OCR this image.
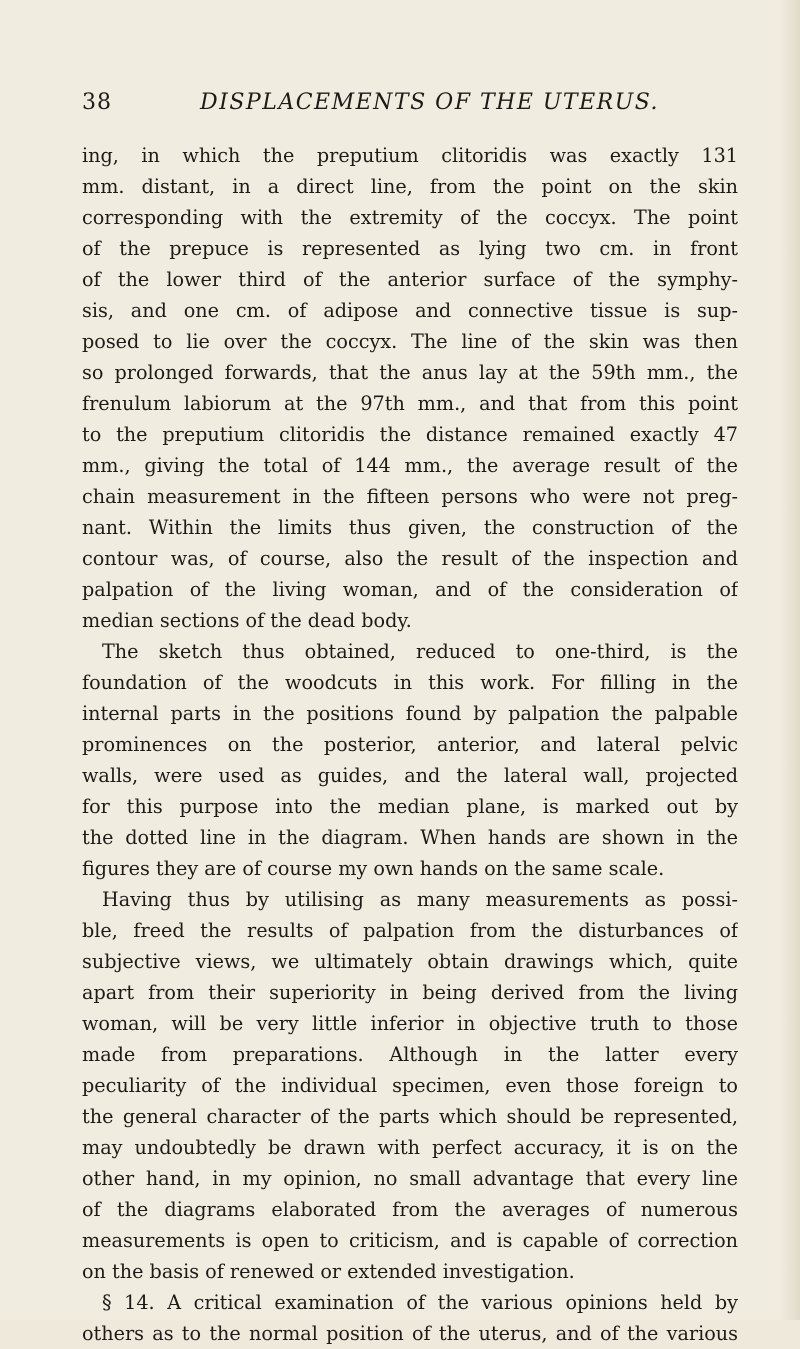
38	DISPLACEMENTS OF THE UTERUS.
ing, in which the preputium clitoridis was exactly 131
mm. distant, in a direct line, from the point on the skin
corresponding with the extremity of the coccyx. The point
of the prepuce is represented as lying two cm. in front
of the lower third of the anterior surface of the symphy-
sis, and one cm. of adipose and connective tissue is sup-
posed to lie over the coccyx. The line of the skin was then
so prolonged forwards, that the anus lay at the 59th mm., the
frenulum labiorum at the 97th mm., and that from this point
to the preputium clitoridis the distance remained exactly 47
mm., giving the total of 144 mm., the average result of the
chain measurement in the fifteen persons who were not preg-
nant. Within the limits thus given, the construction of the
contour was, of course, also the result of the inspection and
palpation of the living woman, and of the consideration of
median sections of the dead body.
The sketch thus obtained, reduced to one-third, is the
foundation of the woodcuts in this work. For filling in the
internal parts in the positions found by palpation the palpable
prominences on the posterior, anterior, and lateral pelvic
walls, were used as guides, and the lateral wall, projected
for this purpose into the median plane, is marked out by
the dotted line in the diagram. When hands are shown in the
figures they are of course my own hands on the same scale.
Having thus by utilising as many measurements as possi-
ble, freed the results of palpation from the disturbances of
subjective views, we ultimately obtain drawings which, quite
apart from their superiority in being derived from the living
woman, will be very little inferior in objective truth to those
made from preparations. Although in the latter every
peculiarity of the individual specimen, even those foreign to
the general character of the parts which should be represented,
may undoubtedly be drawn with perfect accuracy, it is on the
other hand, in my opinion, no small advantage that every line
of the diagrams elaborated from the averages of numerous
measurements is open to criticism, and is capable of correction
on the basis of renewed or extended investigation.
§ 14. A critical examination of the various opinions held by
others as to the normal position of the uterus, and of the various
